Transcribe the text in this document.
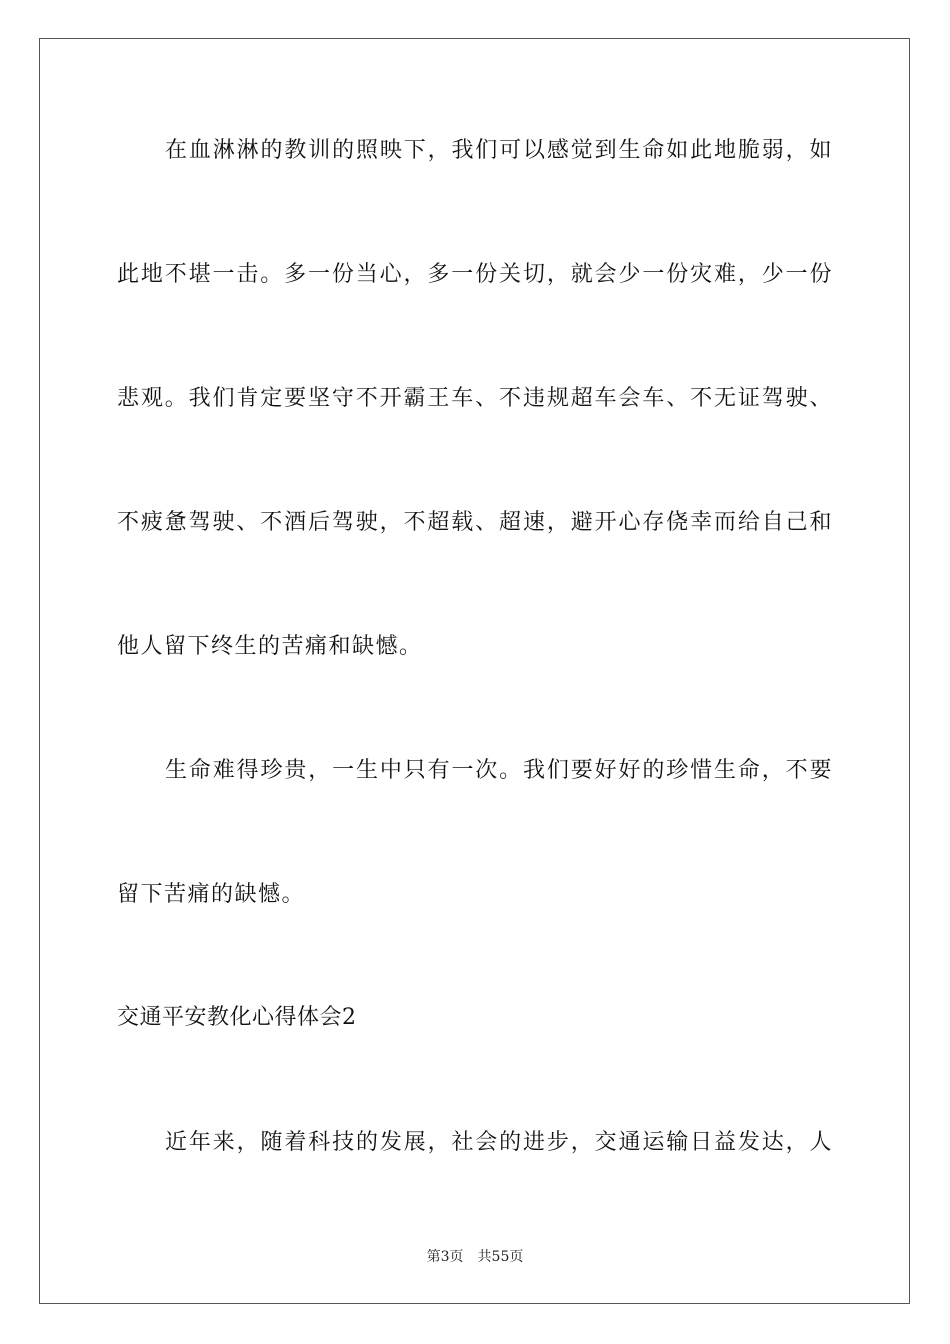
在血淋淋的教训的照映下，我们可以感觉到生命如此地脆弱，如
此地不堪一击。多一份当心，多一份关切，就会少一份灾难，少一份
悲观。我们肯定要坚守不开霸王车、不违规超车会车、不无证驾驶、
不疲惫驾驶、不酒后驾驶，不超载、超速，避开心存侥幸而给自己和
他人留下终生的苦痛和缺憾。
生命难得珍贵，一生中只有一次。我们要好好的珍惜生命，不要
留下苦痛的缺憾。
交通平安教化心得体会2
近年来，随着科技的发展，社会的进步，交通运输日益发达，人
第3页 共55页
